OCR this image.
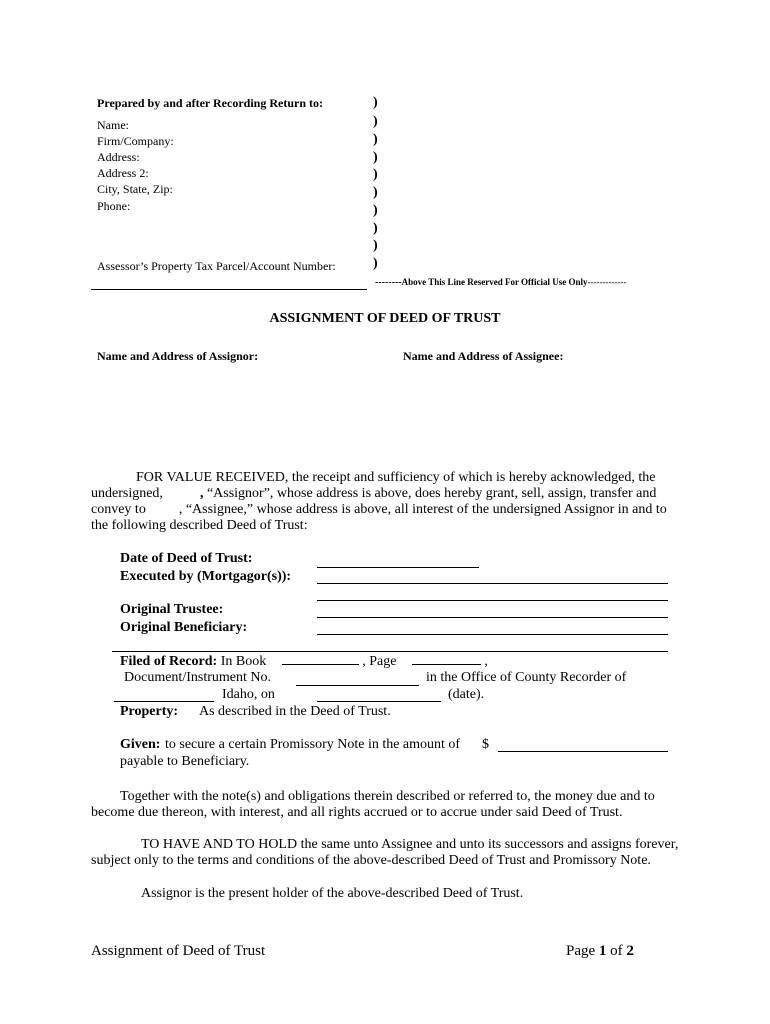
Prepared by and after Recording Return to:
Name:
Firm/Company:
Address:
Address 2:
City, State, Zip:
Phone:
Assessor’s Property Tax Parcel/Account Number:
)
)
)
)
)
)
)
)
)
)
--------Above This Line Reserved For Official Use Only-------------
ASSIGNMENT OF DEED OF TRUST
Name and Address of Assignor:	Name and Address of Assignee:
FOR VALUE RECEIVED, the receipt and sufficiency of which is hereby acknowledged, the
undersigned,	, “Assignor”, whose address is above, does hereby grant, sell, assign, transfer and
convey to , “Assignee,” whose address is above, all interest of the undersigned Assignor in and to
the following described Deed of Trust:
Date of Deed of Trust:
Executed by (Mortgagor(s)):
Original Trustee:
Original Beneficiary:
Filed of Record: In Book	, Page	,
Document/Instrument No.	in the Office of County Recorder of
Idaho, on	(date).
Property: As described in the Deed of Trust.
Given: to secure a certain Promissory Note in the amount of $
payable to Beneficiary.
Together with the note(s) and obligations therein described or referred to, the money due and to
become due thereon, with interest, and all rights accrued or to accrue under said Deed of Trust.
TO HAVE AND TO HOLD the same unto Assignee and unto its successors and assigns forever,
subject only to the terms and conditions of the above-described Deed of Trust and Promissory Note.
Assignor is the present holder of the above-described Deed of Trust.
Assignment of Deed of Trust	Page 1 of 2
